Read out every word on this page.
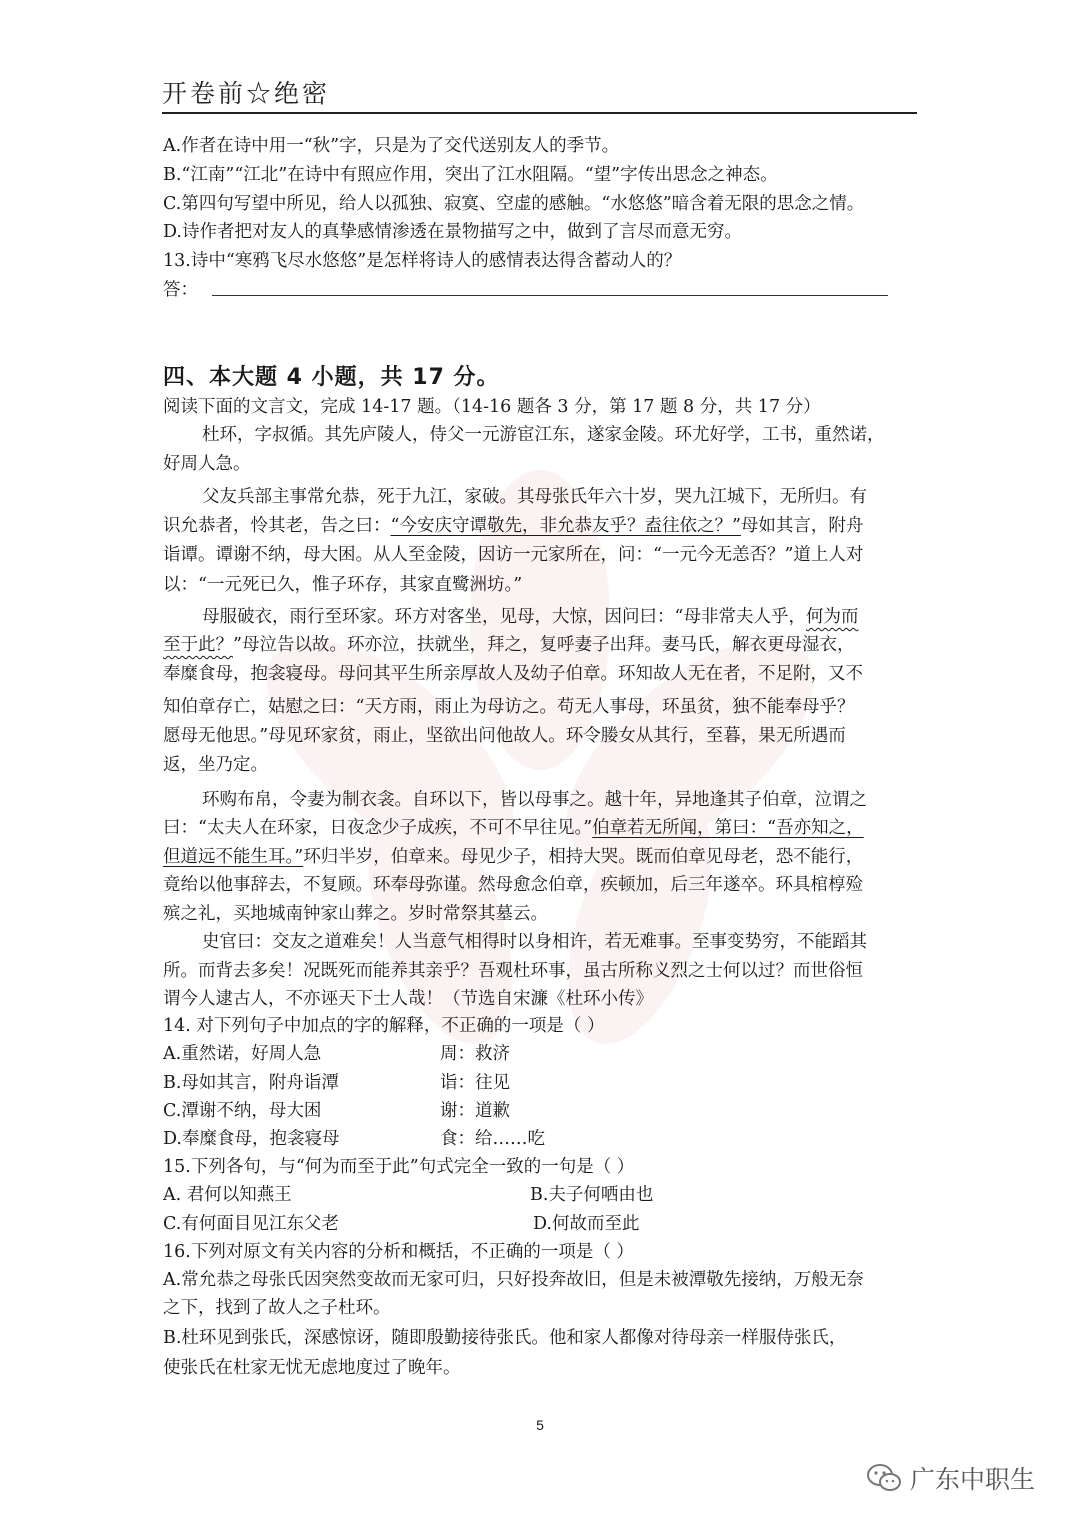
开卷前☆绝密
A.作者在诗中用一“秋”字，只是为了交代送别友人的季节。
B.“江南”“江北”在诗中有照应作用，突出了江水阻隔。“望”字传出思念之神态。
C.第四句写望中所见，给人以孤独、寂寞、空虚的感触。“水悠悠”暗含着无限的思念之情。
D.诗作者把对友人的真挚感情渗透在景物描写之中，做到了言尽而意无穷。
13.诗中“寒鸦飞尽水悠悠”是怎样将诗人的感情表达得含蓄动人的？
答：
四、本大题 4 小题，共 17 分。
阅读下面的文言文，完成 14-17 题。（14-16 题各 3 分，第 17 题 8 分，共 17 分）
杜环，字叔循。其先庐陵人，侍父一元游宦江东，遂家金陵。环尤好学，工书，重然诺，
好周人急。
父友兵部主事常允恭，死于九江，家破。其母张氏年六十岁，哭九江城下，无所归。有
识允恭者，怜其老，告之曰：“今安庆守谭敬先，非允恭友乎？盍往依之？”母如其言，附舟
诣谭。谭谢不纳，母大困。从人至金陵，因访一元家所在，问：“一元今无恙否？”道上人对
以：“一元死已久，惟子环存，其家直鹭洲坊。”
母服破衣，雨行至环家。环方对客坐，见母，大惊，因问曰：“母非常夫人乎，何为而
至于此？”母泣告以故。环亦泣，扶就坐，拜之，复呼妻子出拜。妻马氏，解衣更母湿衣，
奉糜食母，抱衾寝母。母问其平生所亲厚故人及幼子伯章。环知故人无在者，不足附，又不
知伯章存亡，姑慰之曰：“天方雨，雨止为母访之。苟无人事母，环虽贫，独不能奉母乎？
愿母无他思。”母见环家贫，雨止，坚欲出问他故人。环令媵女从其行，至暮，果无所遇而
返，坐乃定。
环购布帛，令妻为制衣衾。自环以下，皆以母事之。越十年，异地逢其子伯章，泣谓之
曰：“太夫人在环家，日夜念少子成疾，不可不早往见。”伯章若无所闻，第曰：“吾亦知之，
但道远不能生耳。”环归半岁，伯章来。母见少子，相持大哭。既而伯章见母老，恐不能行，
竟绐以他事辞去，不复顾。环奉母弥谨。然母愈念伯章，疾顿加，后三年遂卒。环具棺椁殓
殡之礼，买地城南钟家山葬之。岁时常祭其墓云。
史官曰：交友之道难矣！人当意气相得时以身相许，若无难事。至事变势穷，不能蹈其
所。而背去多矣！况既死而能养其亲乎？吾观杜环事，虽古所称义烈之士何以过？而世俗恒
谓今人逮古人，不亦诬天下士人哉！（节选自宋濂《杜环小传》
14. 对下列句子中加点的字的解释，不正确的一项是（ ）
A.重然诺，好周人急	周：救济
B.母如其言，附舟诣潭	诣：往见
C.潭谢不纳，母大困	谢：道歉
D.奉糜食母，抱衾寝母	食：给……吃
15.下列各句，与“何为而至于此”句式完全一致的一句是（ ）
A. 君何以知燕王	B.夫子何哂由也
C.有何面目见江东父老	D.何故而至此
16.下列对原文有关内容的分析和概括，不正确的一项是（ ）
A.常允恭之母张氏因突然变故而无家可归，只好投奔故旧，但是未被潭敬先接纳，万般无奈
之下，找到了故人之子杜环。
B.杜环见到张氏，深感惊讶，随即殷勤接待张氏。他和家人都像对待母亲一样服侍张氏，
使张氏在杜家无忧无虑地度过了晚年。
5
广东中职生
